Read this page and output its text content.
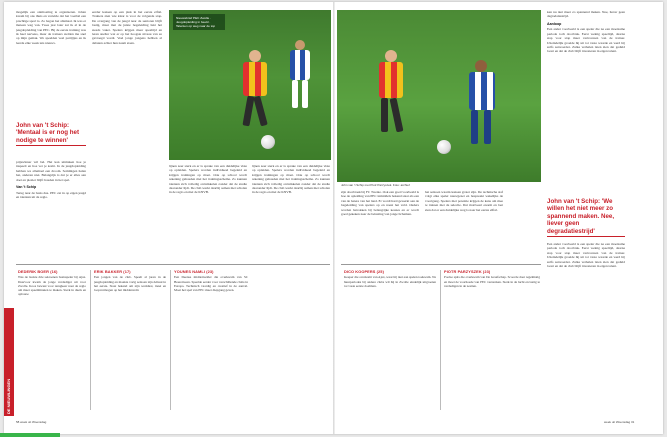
mogelijk een ontmoeting te organiseren. Johan kwam bij ons thuis en vertelde dat het voetbal een prachtige sport is. Zo begon het allemaal. Ik was er meteen weg van. Twee jaar later zat ik al in de jeugdopleiding van PEC. Bij de eerste training was ik heel nerveus, maar de trainers stelden me snel op mijn gemak. We speelden veel partijtjes en ik leerde elke week iets nieuws.

John van 't Schip: 'Mentaal is er nog het nodige te winnen'

prijswinner wil bel. Het kan uitmaken hoe je inspeelt en hoe ver je komt. In de jeugdopleiding hebben we allemaal een droom. Sommigen halen het, anderen niet. Belangrijk is dat je er alles aan doet en plezier blijft houden in het spel.

Van 't Schip

Terug naar de basis dus. PEC zet in op eigen jeugd en talenten uit de regio.

eerder kansen op een plek in het eerste elftal. Trainers zien wie klaar is voor de volgende stap. De overgang van de jeugd naar de senioren blijft lastig, maar met de juiste begeleiding lukt het steeds vaker. Spelers krijgen meer speeltijd en leren sneller wat er op het hoogste niveau van ze gevraagd wordt. Veel jonge jongens hebben al debuten achter hun naam staan.

Nieuwsbrief PEC Zwolle · Jeugdopleiding in beeld · Talenten op weg naar de top

lijnen zeer sterk en er is sprake van een duidelijke visie op opleiden. Spelers worden individueel begeleid en krijgen trainingen op maat. Ook op school wordt rekening gehouden met het trainingsschema. Zo kunnen talenten zich volledig ontwikkelen zonder dat de studie daaronder lijdt. De club werkt daarbij samen met scholen in de regio en met de KNVB.

lijnen zeer sterk en er is sprake van een duidelijke visie op opleiden. Spelers worden individueel begeleid en krijgen trainingen op maat. Ook op school wordt rekening gehouden met het trainingsschema. Zo kunnen talenten zich volledig ontwikkelen zonder dat de studie daaronder lijdt. De club werkt daarbij samen met scholen in de regio en met de KNVB.

DE NIEUWLINGEN
DEDERIK BOER (16)
Was de laatste drie seizoenen basisspeler bij Ajax. Daarvoor kwam de jonge verdediger uit voor Zwolle. Koos bewust voor terugkeer naar de regio om meer speelminuten te maken. Sterk in duels en opbouw.
ERIK BAKKER (17)
Een jongen van de club. Speelt al jaren in de jeugdopleiding en maakte vorig seizoen zijn debuut in het eerste. Staat bekend om zijn werklust, inzet en loopvermogen op het middenveld.
YOUNES NAMLI (23)
Een Deense middenvelder die overkwam van SC Heerenveen. Speelde eerder voor verschillende clubs in Europa. Technisch vaardig en creatief in de aanval. Moet het spel van PEC meer diepgang geven.
58 week uit Woensdag
John van 't Schip met Piotr Parzyszek. Foto: archief

zijn doorbraak bij FC Twente. Ook een goed voorbeeld is hoe de opleiding van PEC inmiddels bekend staat als een van de betere van het land. Er wordt hard gewerkt aan de begeleiding van spelers op en naast het veld. Ouders worden betrokken bij belangrijke keuzes en er wordt goed gekeken naar de belasting van jonge lichamen.

het seizoen waarin kansen groter zijn. De technische staf volgt elke speler nauwgezet en bespreekt wekelijks de voortgang. Spelers met potentie krijgen de kans om mee te trainen met de selectie. Dat motiveert enorm en laat zien dat er een duidelijke weg is naar het eerste elftal.

ken nu niet meer zo spannend maken. Nee, liever geen degradatiestrijd.

Aanloop

Een ander voorbeeld is een speler die na een moeizame periode toch doorbrak. Eerst weinig speeltijd, daarna stap voor stap meer vertrouwen van de trainer. Uiteindelijk groeide hij uit tot vaste waarde en werd hij zelfs aanvoerder. Zulke verhalen laten zien dat geduld loont en dat de club blijft investeren in eigen talent.

John van 't Schip: 'We willen het niet meer zo spannend maken. Nee, liever geen degradatiestrijd'

Een ander voorbeeld is een speler die na een moeizame periode toch doorbrak. Eerst weinig speeltijd, daarna stap voor stap meer vertrouwen van de trainer. Uiteindelijk groeide hij uit tot vaste waarde en werd hij zelfs aanvoerder. Zulke verhalen laten zien dat geduld loont en dat de club blijft investeren in eigen talent.

DICO KOOPERS (25)
Keeper die overkomt van Ajax, waar hij niet aan spelen toekwam. Na huurperiodes bij andere clubs wil hij in Zwolle eindelijk uitgroeien tot vaste eerste doelman.
PIOTR PARZYSZEK (23)
Poolse spits die overkwam van De Graafschap. Scoorde daar regelmatig en moet de voorhoede van PEC versterken. Sterk in de lucht en lastig te verdedigen in de zestien.
week uit Woensdag 31
